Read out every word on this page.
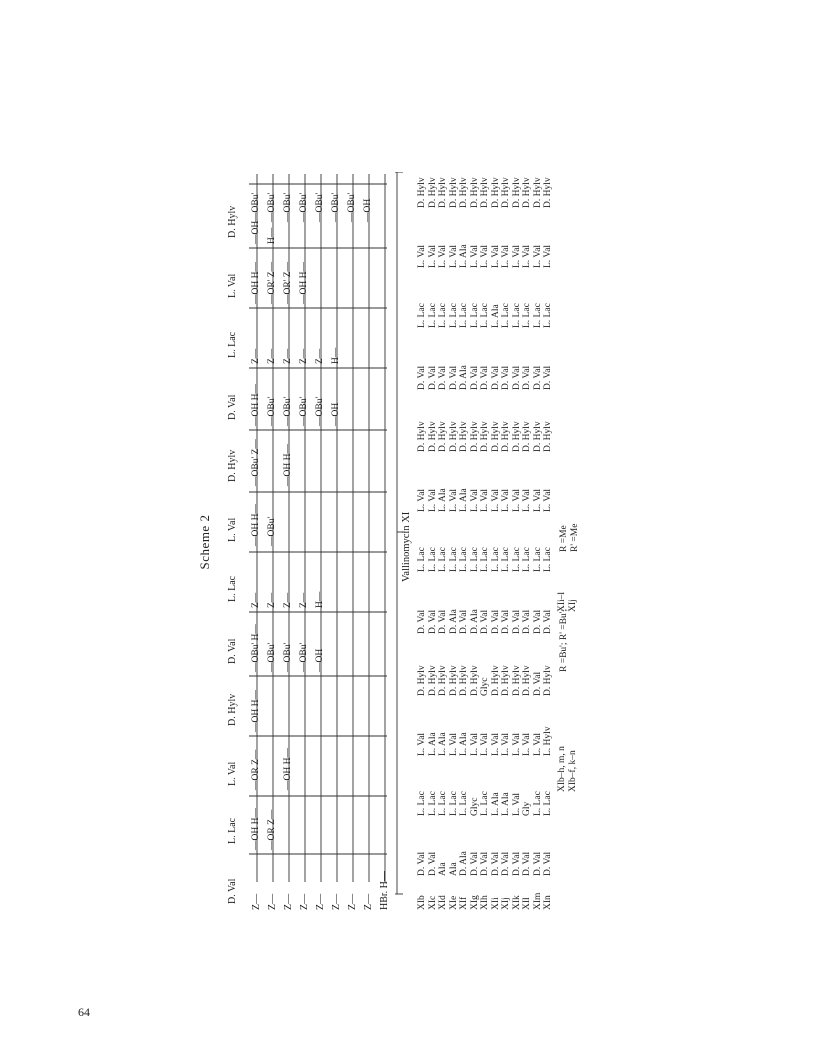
64
Scheme 2
D. Val
L. Lac
L. Val
D. Hylv
D. Val
L. Lac
L. Val
D. Hylv
D. Val
L. Lac
L. Val
D. Hylv
Z— Z— Z— Z— Z— Z— Z— Z— HBr. H—
—OH H— —OR Z—
—OR Z— —OH H—
—OH H—
—OBu' H— —OBu' —OBu' —OBu' —OH
Z— Z— Z— Z— H—
—OH H— —OBu'
—OBu' Z— —OH H—
—OH H— —OBu' —OBu' —OBu' —OBu' —OH
Z— Z— Z— Z— Z— H—
—OH H— —OR' Z— —OR' Z— —OH H—
—OH H—
—OBu' —OBu' —OBu' —OBu' —OBu' —OBu' —OBu' —OH
Vallinomycin XI
XIb XIc XId XIe XIf XIg XIh XIi XIj XIk XIl XIm XIn
D. Val D. Val Ala Ala D. Ala D. Val D. Val D. Val D. Val D. Val D. Val D. Val D. Val
L. Lac L. Lac L. Lac L. Lac L. Lac Glyc L. Lac L. Ala L. Ala L. Val Gly L. Lac L. Lac
L. Val L. Ala L. Ala L. Val L. Ala L. Val L. Val L. Val L. Val L. Val L. Val L. Val L. Hylv
D. Hylv D. Hylv D. Hylv D. Hylv D. Hylv D. Hylv Glyc D. Hylv D. Hylv D. Hylv D. Hylv D. Val D. Hylv
D. Val D. Val D. Val D. Ala D. Val D. Ala D. Val D. Val D. Val D. Val D. Val D. Val D. Val
L. Lac L. Lac L. Lac L. Lac L. Lac L. Lac L. Lac L. Lac L. Lac L. Lac L. Lac L. Lac L. Lac
L. Val L. Val L. Ala L. Val L. Ala L. Val L. Val L. Val L. Val L. Val L. Val L. Val L. Val
D. Hylv D. Hylv D. Hylv D. Hylv D. Hylv D. Hylv D. Hylv D. Hylv D. Hylv D. Hylv D. Hylv D. Hylv D. Hylv
D. Val D. Val D. Val D. Val D. Ala D. Val D. Val D. Val D. Val D. Val D. Val D. Val D. Val
L. Lac L. Lac L. Lac L. Lac L. Lac L. Lac L. Lac L. Ala L. Lac L. Lac L. Lac L. Lac L. Lac
L. Val L. Val L. Val L. Val L. Ala L. Val L. Val L. Val L. Val L. Val L. Val L. Val L. Val
D. Hylv D. Hylv D. Hylv D. Hylv D. Hylv D. Hylv D. Hylv D. Hylv D. Hylv D. Hylv D. Hylv D. Hylv D. Hylv
XIb–h, m, n XIb–f, k–n
R =Bu'; R' =Bu';
XIi–l XIj
R =Me R' =Me
